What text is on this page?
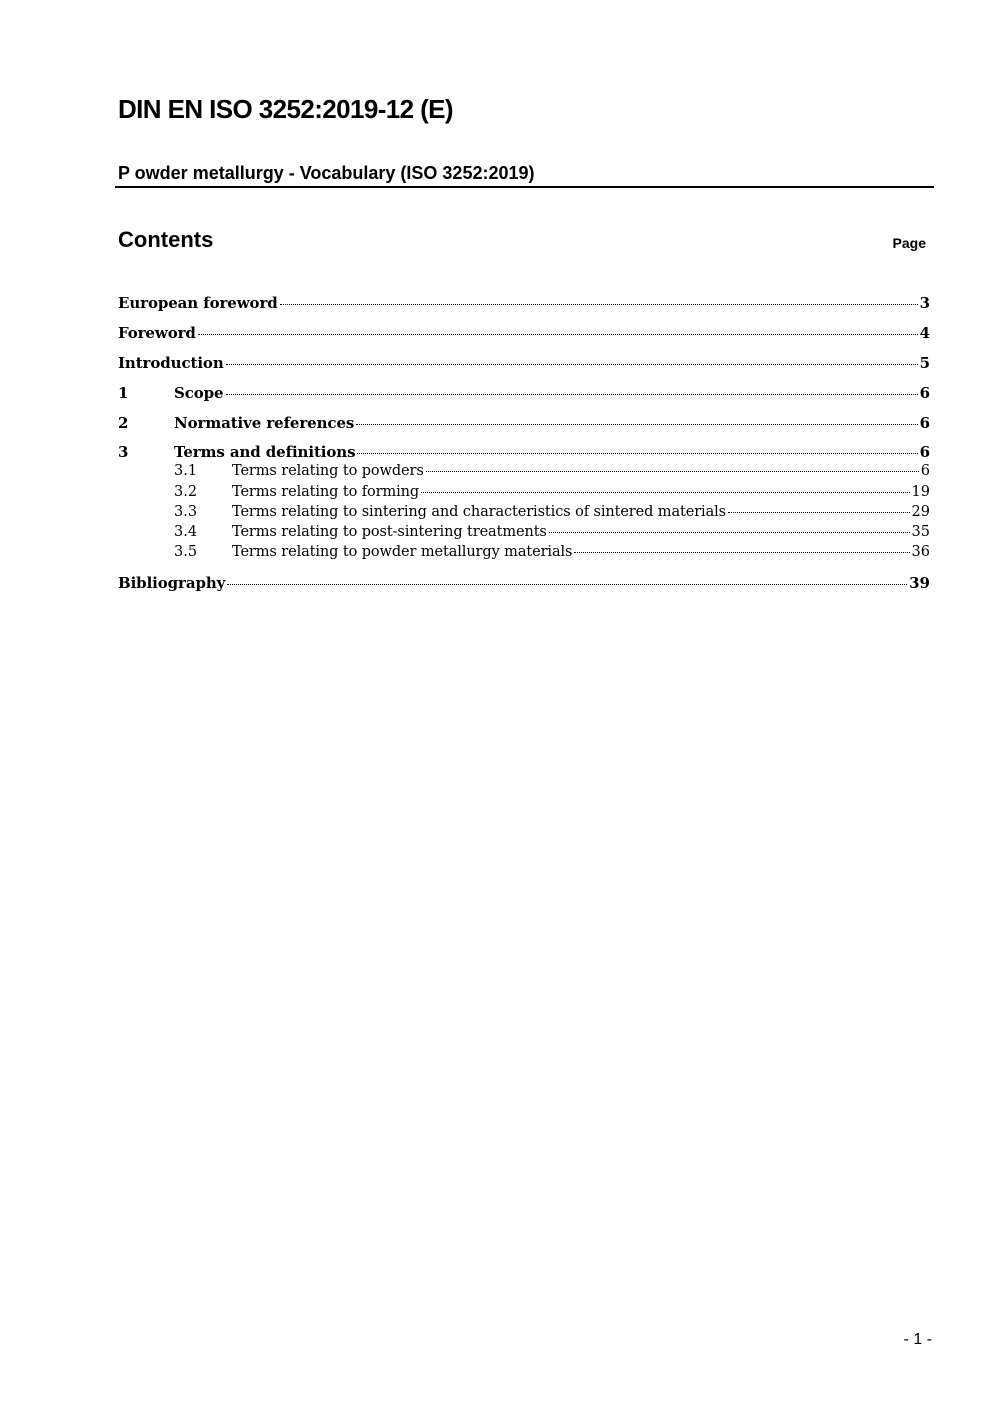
DIN EN ISO 3252:2019-12 (E)
P owder metallurgy - Vocabulary (ISO 3252:2019)
Contents	Page
European foreword	3
Foreword	4
Introduction	5
1	Scope	6
2	Normative references	6
3	Terms and definitions	6
3.1	Terms relating to powders	6
3.2	Terms relating to forming	19
3.3	Terms relating to sintering and characteristics of sintered materials	29
3.4	Terms relating to post-sintering treatments	35
3.5	Terms relating to powder metallurgy materials	36
Bibliography	39
- 1 -
